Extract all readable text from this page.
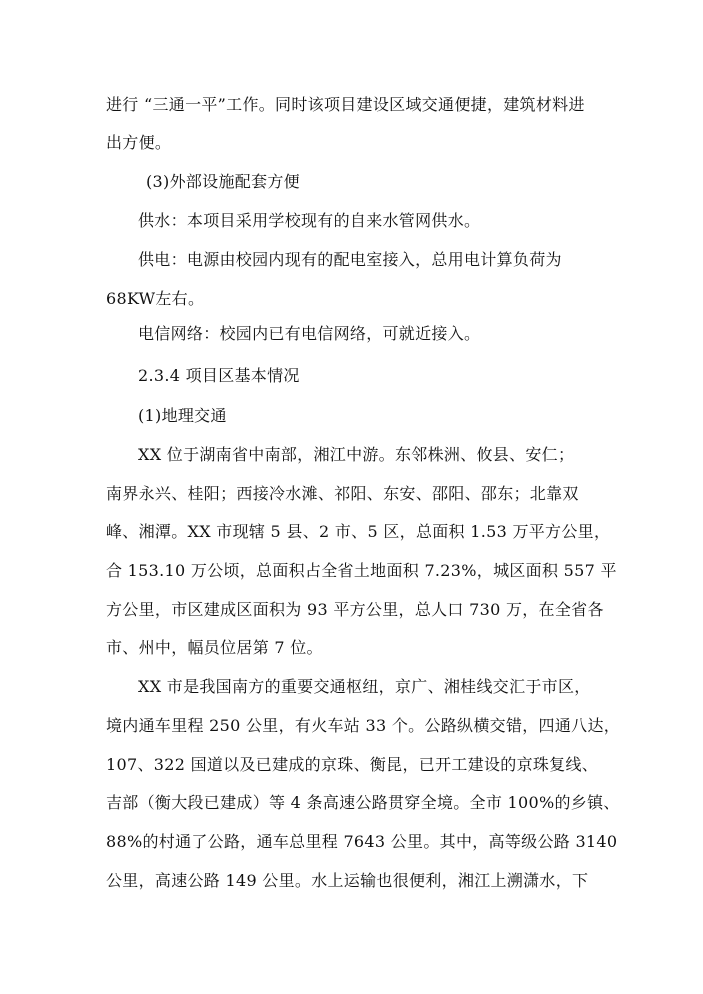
进行 “三通一平”工作。同时该项目建设区域交通便捷，建筑材料进
出方便。
(3)外部设施配套方便
供水：本项目采用学校现有的自来水管网供水。
供电：电源由校园内现有的配电室接入，总用电计算负荷为
68KW左右。
电信网络：校园内已有电信网络，可就近接入。
2.3.4 项目区基本情况
(1)地理交通
XX 位于湖南省中南部，湘江中游。东邻株洲、攸县、安仁；
南界永兴、桂阳；西接冷水滩、祁阳、东安、邵阳、邵东；北靠双
峰、湘潭。XX 市现辖 5 县、2 市、5 区，总面积 1.53 万平方公里，
合 153.10 万公顷，总面积占全省土地面积 7.23%，城区面积 557 平
方公里，市区建成区面积为 93 平方公里，总人口 730 万，在全省各
市、州中，幅员位居第 7 位。
XX 市是我国南方的重要交通枢纽，京广、湘桂线交汇于市区，
境内通车里程 250 公里，有火车站 33 个。公路纵横交错，四通八达，
107、322 国道以及已建成的京珠、衡昆，已开工建设的京珠复线、
吉部（衡大段已建成）等 4 条高速公路贯穿全境。全市 100%的乡镇、
88%的村通了公路，通车总里程 7643 公里。其中，高等级公路 3140
公里，高速公路 149 公里。水上运输也很便利，湘江上溯潇水，下
